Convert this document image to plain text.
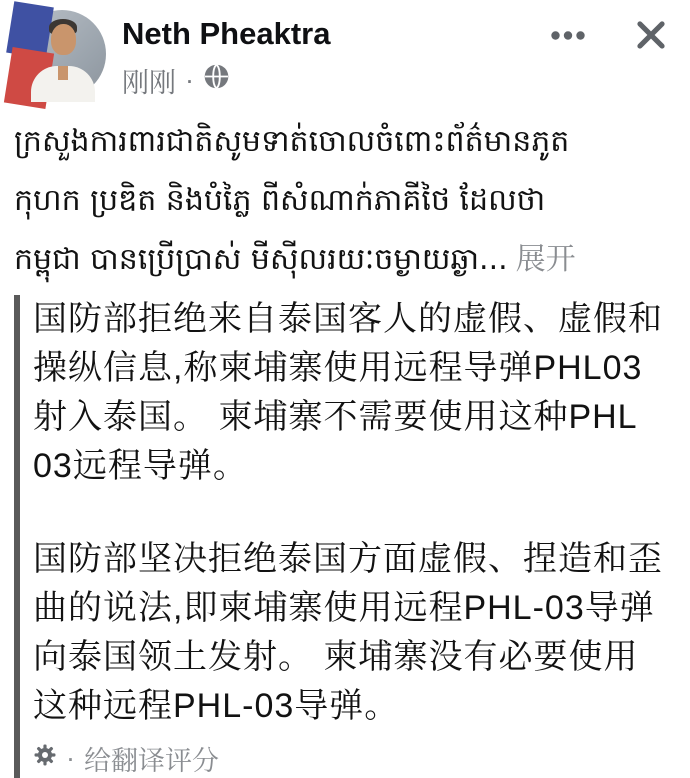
Neth Pheaktra
刚刚 ·
ក្រសួងការពារជាតិសូមទាត់ចោលចំពោះព័ត៌មានភូត
កុហក ប្រឌិត និងបំភ្លៃ ពីសំណាក់ភាគីថៃ ដែលថា
កម្ពុជា បានប្រើប្រាស់ មីស៊ីលរយៈចម្ងាយឆ្ងា... 展开
国防部拒绝来自泰国客人的虚假、虚假和
操纵信息,称柬埔寨使用远程导弹PHL03
射入泰国。 柬埔寨不需要使用这种PHL
03远程导弹。
国防部坚决拒绝泰国方面虚假、捏造和歪
曲的说法,即柬埔寨使用远程PHL-03导弹
向泰国领土发射。 柬埔寨没有必要使用
这种远程PHL-03导弹。
· 给翻译评分
